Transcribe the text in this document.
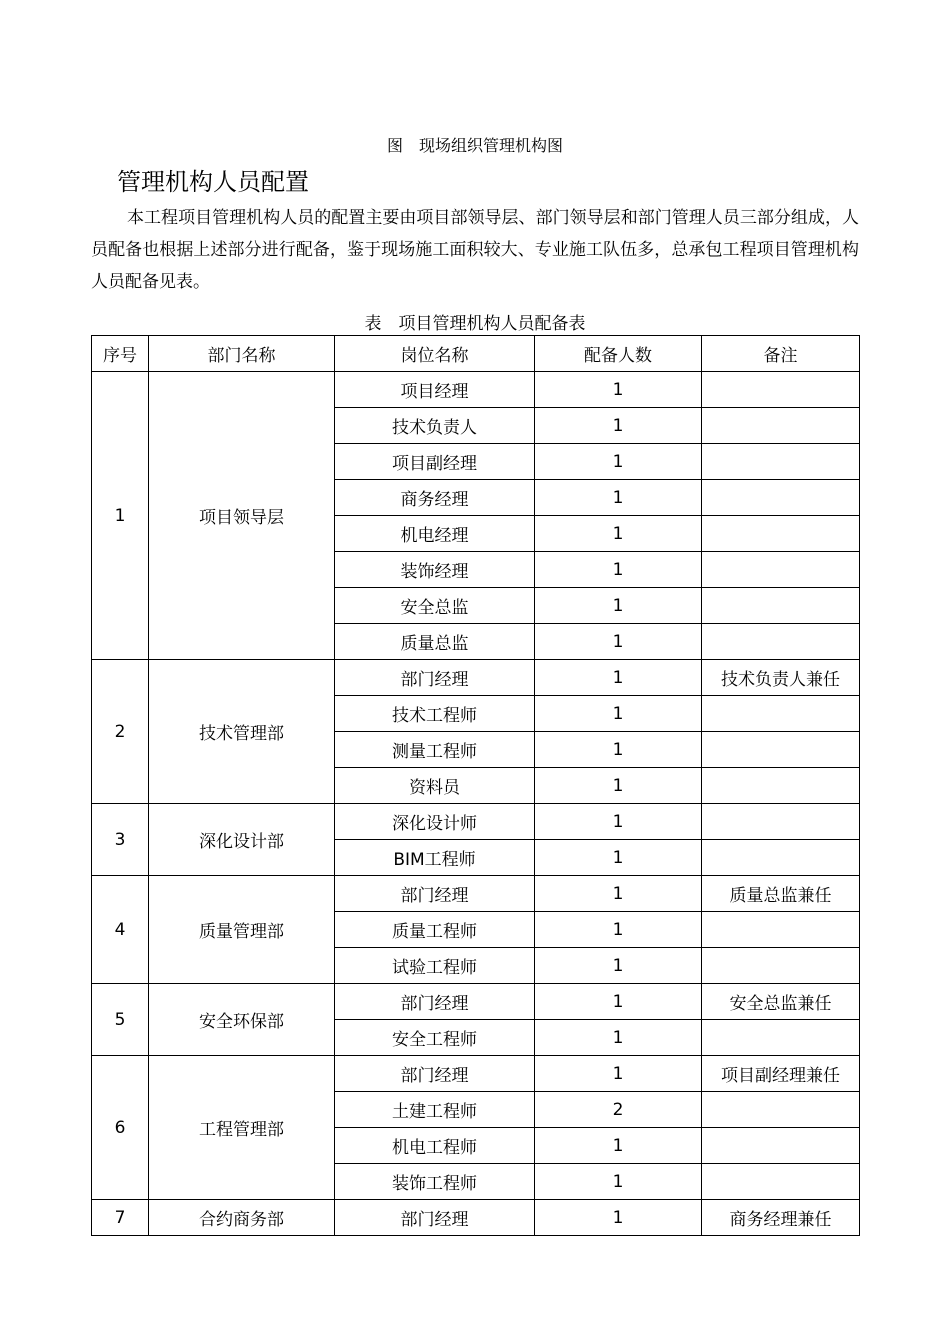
图　现场组织管理机构图
管理机构人员配置

本工程项目管理机构人员的配置主要由项目部领导层、部门领导层和部门管理人员三部分组成，人员配备也根据上述部分进行配备，鉴于现场施工面积较大、专业施工队伍多，总承包工程项目管理机构人员配备见表。

表　项目管理机构人员配备表
序号	部门名称	岗位名称	配备人数	备注
1	项目领导层	项目经理	1	
		技术负责人	1	
		项目副经理	1	
		商务经理	1	
		机电经理	1	
		装饰经理	1	
		安全总监	1	
		质量总监	1	
2	技术管理部	部门经理	1	技术负责人兼任
		技术工程师	1	
		测量工程师	1	
		资料员	1	
3	深化设计部	深化设计师	1	
		BIM工程师	1	
4	质量管理部	部门经理	1	质量总监兼任
		质量工程师	1	
		试验工程师	1	
5	安全环保部	部门经理	1	安全总监兼任
		安全工程师	1	
6	工程管理部	部门经理	1	项目副经理兼任
		土建工程师	2	
		机电工程师	1	
		装饰工程师	1	
7	合约商务部	部门经理	1	商务经理兼任
